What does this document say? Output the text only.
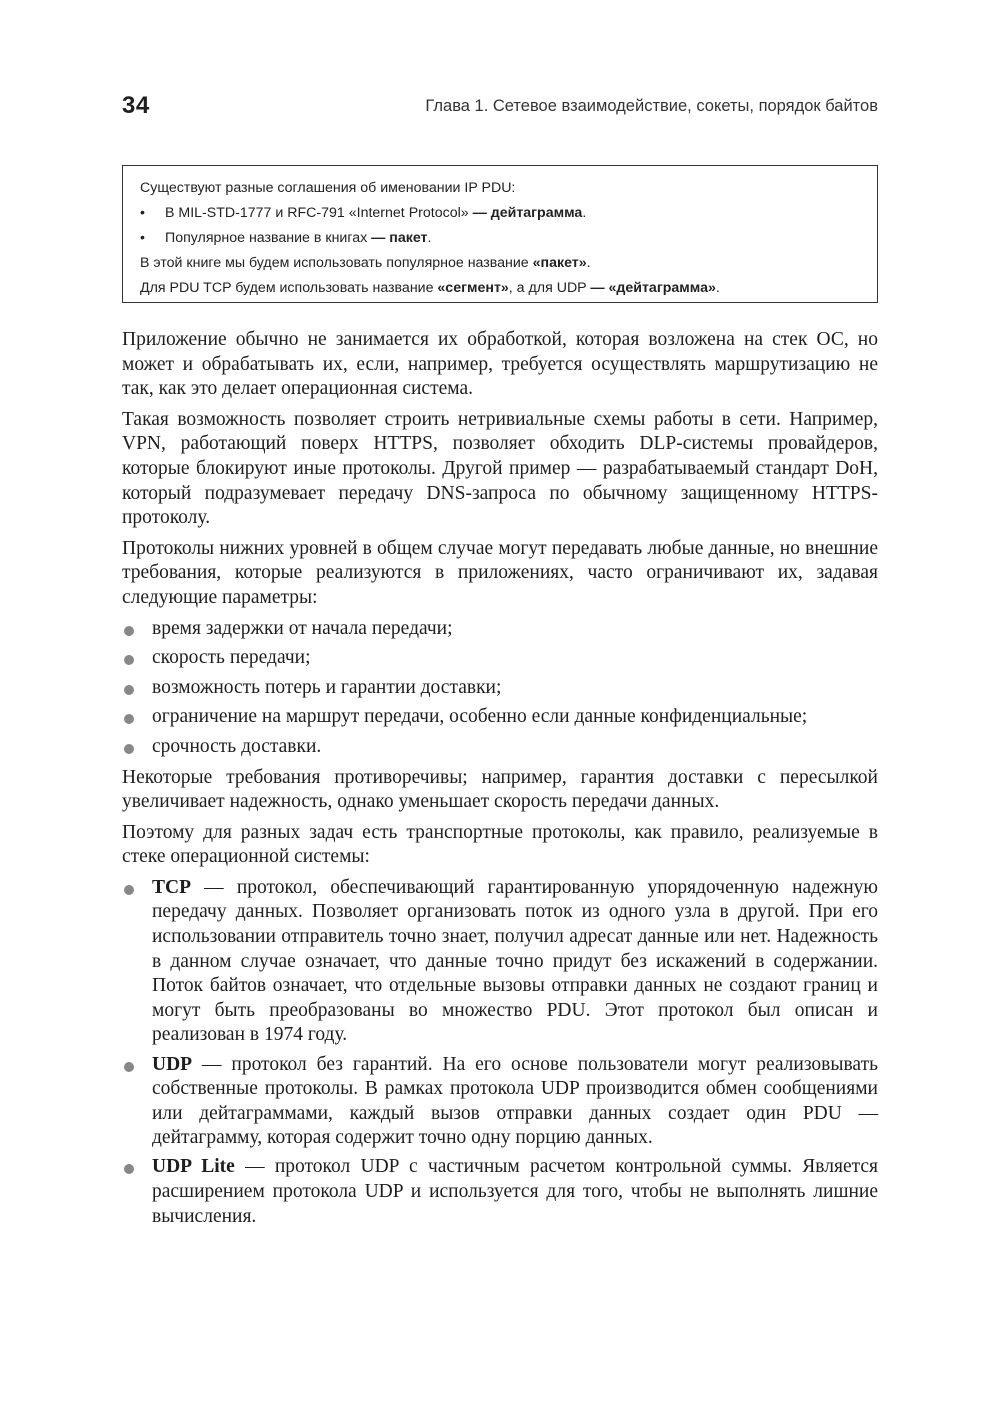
34	Глава 1. Сетевое взаимодействие, сокеты, порядок байтов
Существуют разные соглашения об именовании IP PDU:
• В MIL-STD-1777 и RFC-791 «Internet Protocol» — дейтаграмма.
• Популярное название в книгах — пакет.
В этой книге мы будем использовать популярное название «пакет».
Для PDU TCP будем использовать название «сегмент», а для UDP — «дейтаграмма».

Приложение обычно не занимается их обработкой, которая возложена на стек ОС, но может и обрабатывать их, если, например, требуется осуществлять маршрутизацию не так, как это делает операционная система.

Такая возможность позволяет строить нетривиальные схемы работы в сети. Например, VPN, работающий поверх HTTPS, позволяет обходить DLP-системы провайдеров, которые блокируют иные протоколы. Другой пример — разрабатываемый стандарт DoH, который подразумевает передачу DNS-запроса по обычному защищенному HTTPS-протоколу.

Протоколы нижних уровней в общем случае могут передавать любые данные, но внешние требования, которые реализуются в приложениях, часто ограничивают их, задавая следующие параметры:

время задержки от начала передачи;
скорость передачи;
возможность потерь и гарантии доставки;
ограничение на маршрут передачи, особенно если данные конфиденциальные;
срочность доставки.

Некоторые требования противоречивы; например, гарантия доставки с пересылкой увеличивает надежность, однако уменьшает скорость передачи данных.

Поэтому для разных задач есть транспортные протоколы, как правило, реализуемые в стеке операционной системы:

TCP — протокол, обеспечивающий гарантированную упорядоченную надежную передачу данных. Позволяет организовать поток из одного узла в другой. При его использовании отправитель точно знает, получил адресат данные или нет. Надежность в данном случае означает, что данные точно придут без искажений в содержании. Поток байтов означает, что отдельные вызовы отправки данных не создают границ и могут быть преобразованы во множество PDU. Этот протокол был описан и реализован в 1974 году.
UDP — протокол без гарантий. На его основе пользователи могут реализовывать собственные протоколы. В рамках протокола UDP производится обмен сообщениями или дейтаграммами, каждый вызов отправки данных создает один PDU — дейтаграмму, которая содержит точно одну порцию данных.
UDP Lite — протокол UDP с частичным расчетом контрольной суммы. Является расширением протокола UDP и используется для того, чтобы не выполнять лишние вычисления.
